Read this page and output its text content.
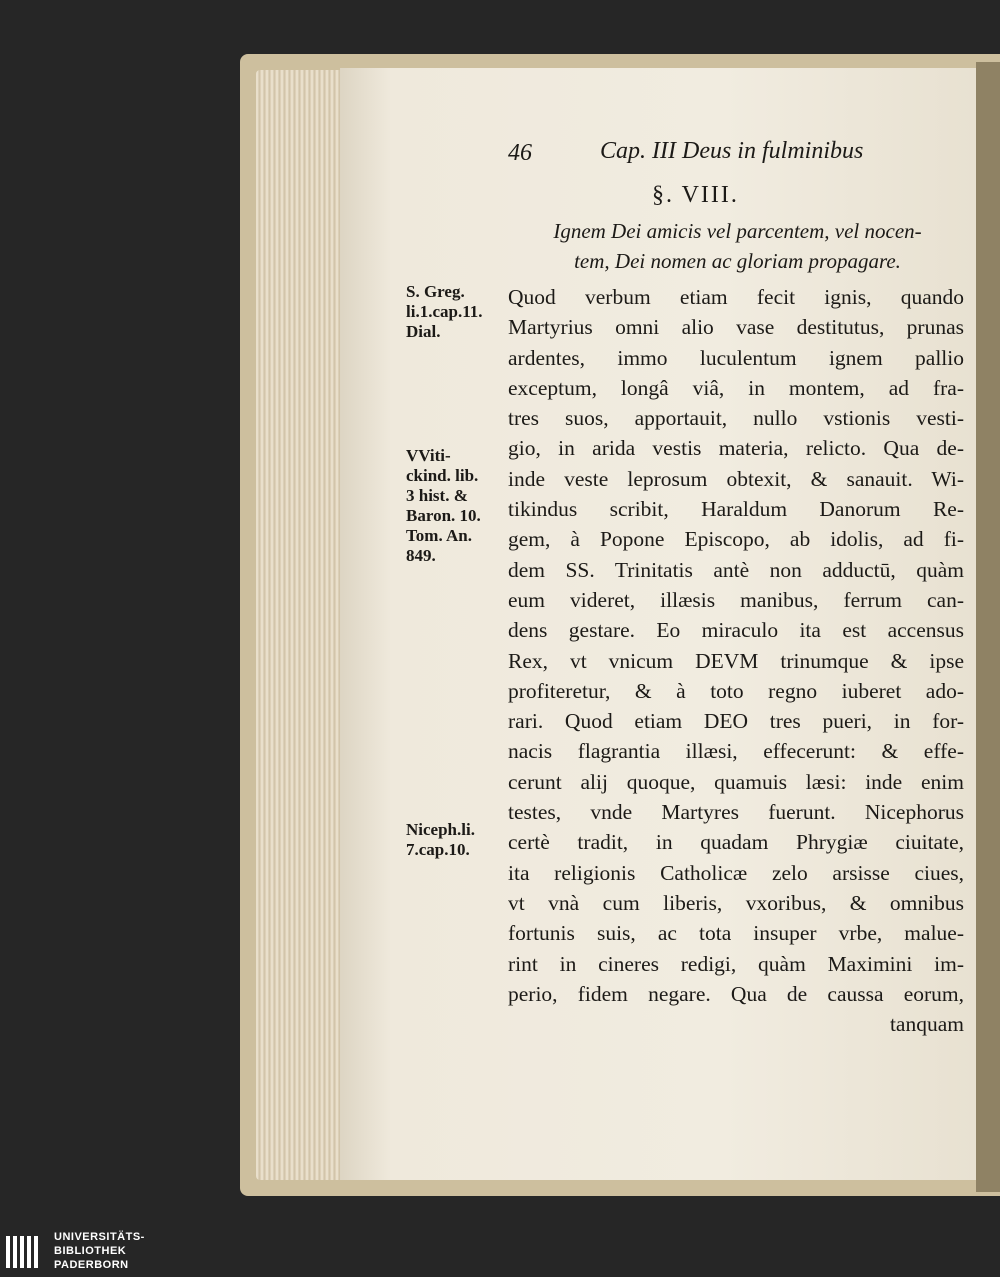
46	Cap. III Deus in fulminibus
§. VIII.
Ignem Dei amicis vel parcentem, vel nocen-
tem, Dei nomen ac gloriam propagare.
S. Greg.
li.1.cap.11.
Dial.
VViti-
ckind. lib.
3 hist. &
Baron. 10.
Tom. An.
849.
Niceph.li.
7.cap.10.
Quod verbum etiam fecit ignis, quando
Martyrius omni alio vase destitutus, prunas
ardentes, immo luculentum ignem pallio
exceptum, longâ viâ, in montem, ad fra-
tres suos, apportauit, nullo vstionis vesti-
gio, in arida vestis materia, relicto. Qua de-
inde veste leprosum obtexit, & sanauit. Wi-
tikindus scribit, Haraldum Danorum Re-
gem, à Popone Episcopo, ab idolis, ad fi-
dem SS. Trinitatis antè non adductū, quàm
eum videret, illæsis manibus, ferrum can-
dens gestare. Eo miraculo ita est accensus
Rex, vt vnicum DEVM trinumque & ipse
profiteretur, & à toto regno iuberet ado-
rari. Quod etiam DEO tres pueri, in for-
nacis flagrantia illæsi, effecerunt: & effe-
cerunt alij quoque, quamuis læsi: inde enim
testes, vnde Martyres fuerunt. Nicephorus
certè tradit, in quadam Phrygiæ ciuitate,
ita religionis Catholicæ zelo arsisse ciues,
vt vnà cum liberis, vxoribus, & omnibus
fortunis suis, ac tota insuper vrbe, malue-
rint in cineres redigi, quàm Maximini im-
perio, fidem negare. Qua de caussa eorum,
tanquam
UNIVERSITÄTS-
BIBLIOTHEK
PADERBORN
